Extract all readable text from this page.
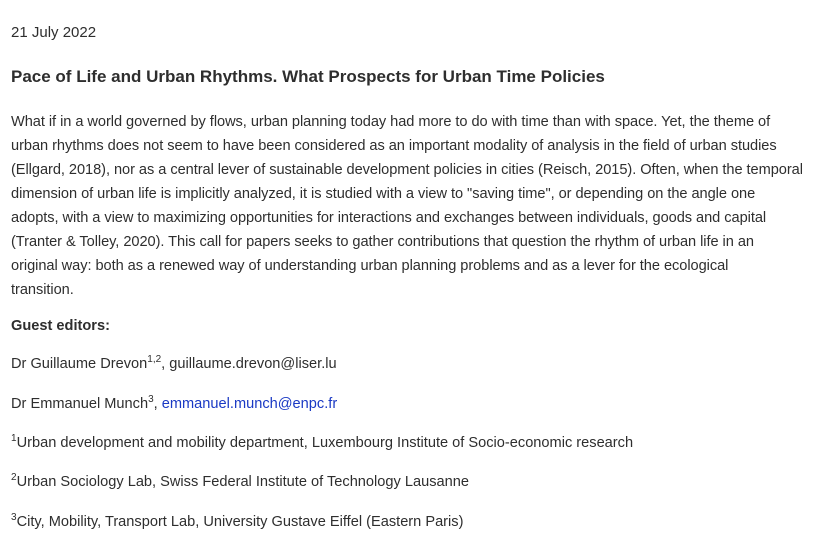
21 July 2022
Pace of Life and Urban Rhythms. What Prospects for Urban Time Policies

What if in a world governed by flows, urban planning today had more to do with time than with space. Yet, the theme of
urban rhythms does not seem to have been considered as an important modality of analysis in the field of urban studies
(Ellgard, 2018), nor as a central lever of sustainable development policies in cities (Reisch, 2015). Often, when the temporal
dimension of urban life is implicitly analyzed, it is studied with a view to "saving time", or depending on the angle one
adopts, with a view to maximizing opportunities for interactions and exchanges between individuals, goods and capital
(Tranter & Tolley, 2020). This call for papers seeks to gather contributions that question the rhythm of urban life in an
original way: both as a renewed way of understanding urban planning problems and as a lever for the ecological
transition.

Guest editors:
Dr Guillaume Drevon$^{1,2}$, guillaume.drevon@liser.lu
Dr Emmanuel Munch$^3$, emmanuel.munch@enpc.fr
$^1$Urban development and mobility department, Luxembourg Institute of Socio-economic research
$^2$Urban Sociology Lab, Swiss Federal Institute of Technology Lausanne
$^3$City, Mobility, Transport Lab, University Gustave Eiffel (Eastern Paris)
